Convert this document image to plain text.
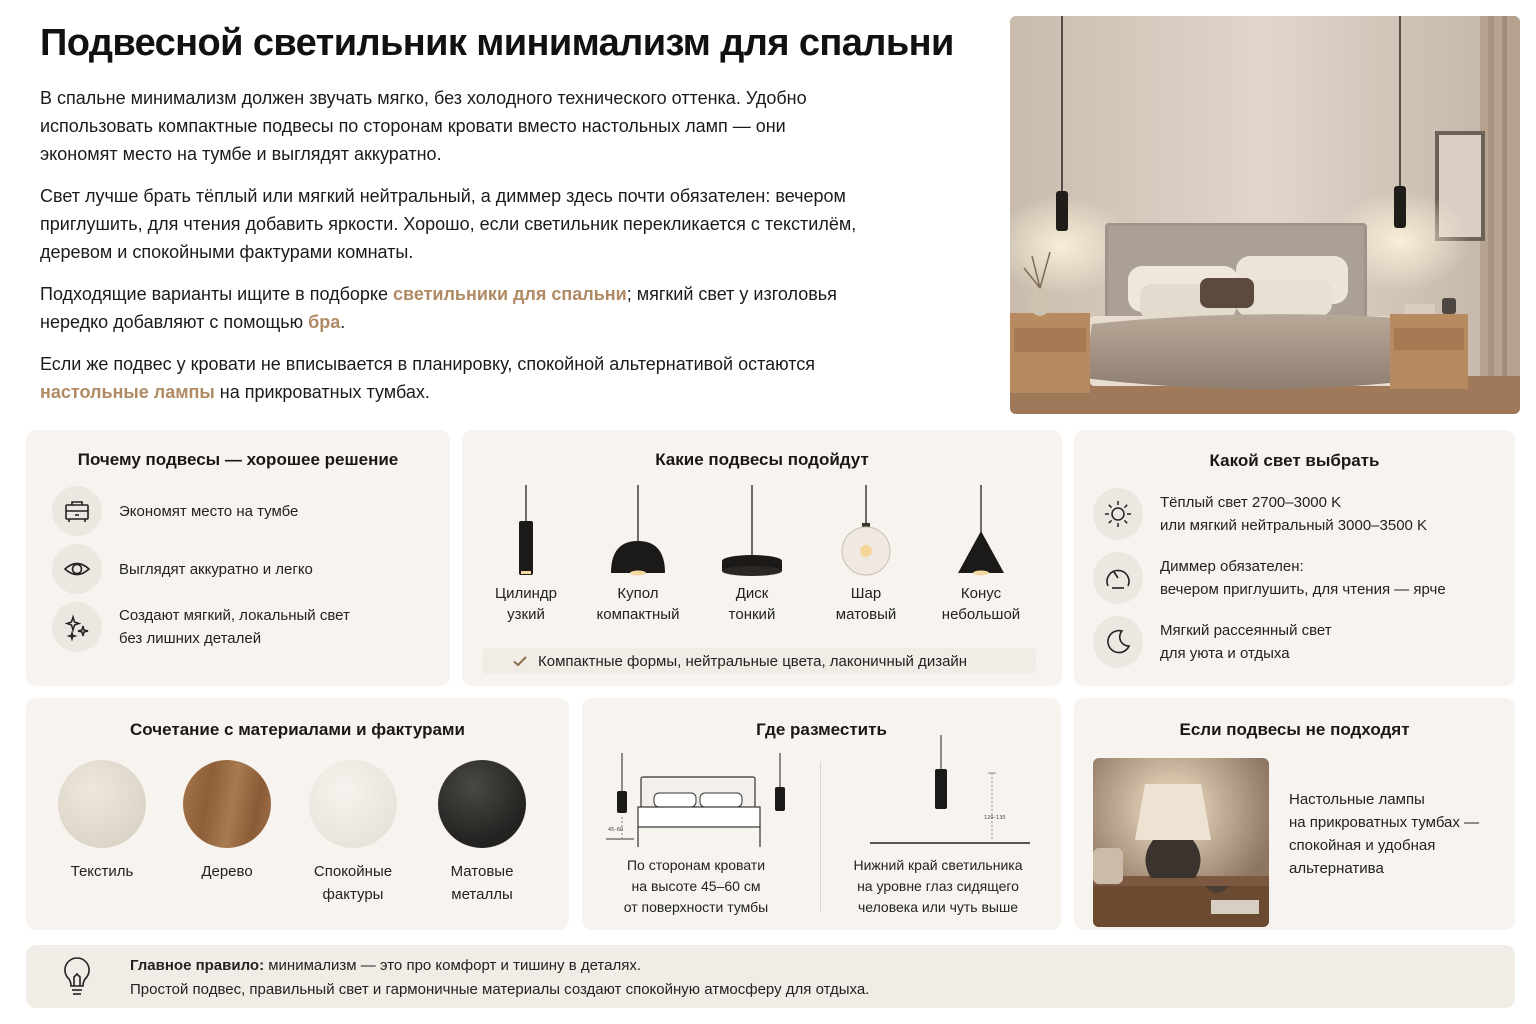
Подвесной светильник минимализм для спальни

В спальне минимализм должен звучать мягко, без холодного технического оттенка. Удобно использовать компактные подвесы по сторонам кровати вместо настольных ламп — они экономят место на тумбе и выглядят аккуратно.

Свет лучше брать тёплый или мягкий нейтральный, а диммер здесь почти обязателен: вечером приглушить, для чтения добавить яркости. Хорошо, если светильник перекликается с текстилём, деревом и спокойными фактурами комнаты.

Подходящие варианты ищите в подборке светильники для спальни; мягкий свет у изголовья нередко добавляют с помощью бра.

Если же подвес у кровати не вписывается в планировку, спокойной альтернативой остаются настольные лампы на прикроватных тумбах.

Почему подвесы — хорошее решение
Экономят место на тумбе
Выглядят аккуратно и легко
Создают мягкий, локальный свет
без лишних деталей
Какие подвесы подойдут
Цилиндр
узкий
Купол
компактный
Диск
тонкий
Шар
матовый
Конус
небольшой
Компактные формы, нейтральные цвета, лаконичный дизайн
Какой свет выбрать
Тёплый свет 2700–3000 K
или мягкий нейтральный 3000–3500 K
Диммер обязателен:
вечером приглушить, для чтения — ярче
Мягкий рассеянный свет
для уюта и отдыха
Сочетание с материалами и фактурами
Текстиль	Дерево	Спокойные
фактуры
Матовые
металлы
Где разместить
45–60
120–130
По сторонам кровати
на высоте 45–60 см
от поверхности тумбы
Нижний край светильника
на уровне глаз сидящего
человека или чуть выше
Если подвесы не подходят
Настольные лампы
на прикроватных тумбах —
спокойная и удобная
альтернатива
Главное правило: минимализм — это про комфорт и тишину в деталях.
Простой подвес, правильный свет и гармоничные материалы создают спокойную атмосферу для отдыха.
